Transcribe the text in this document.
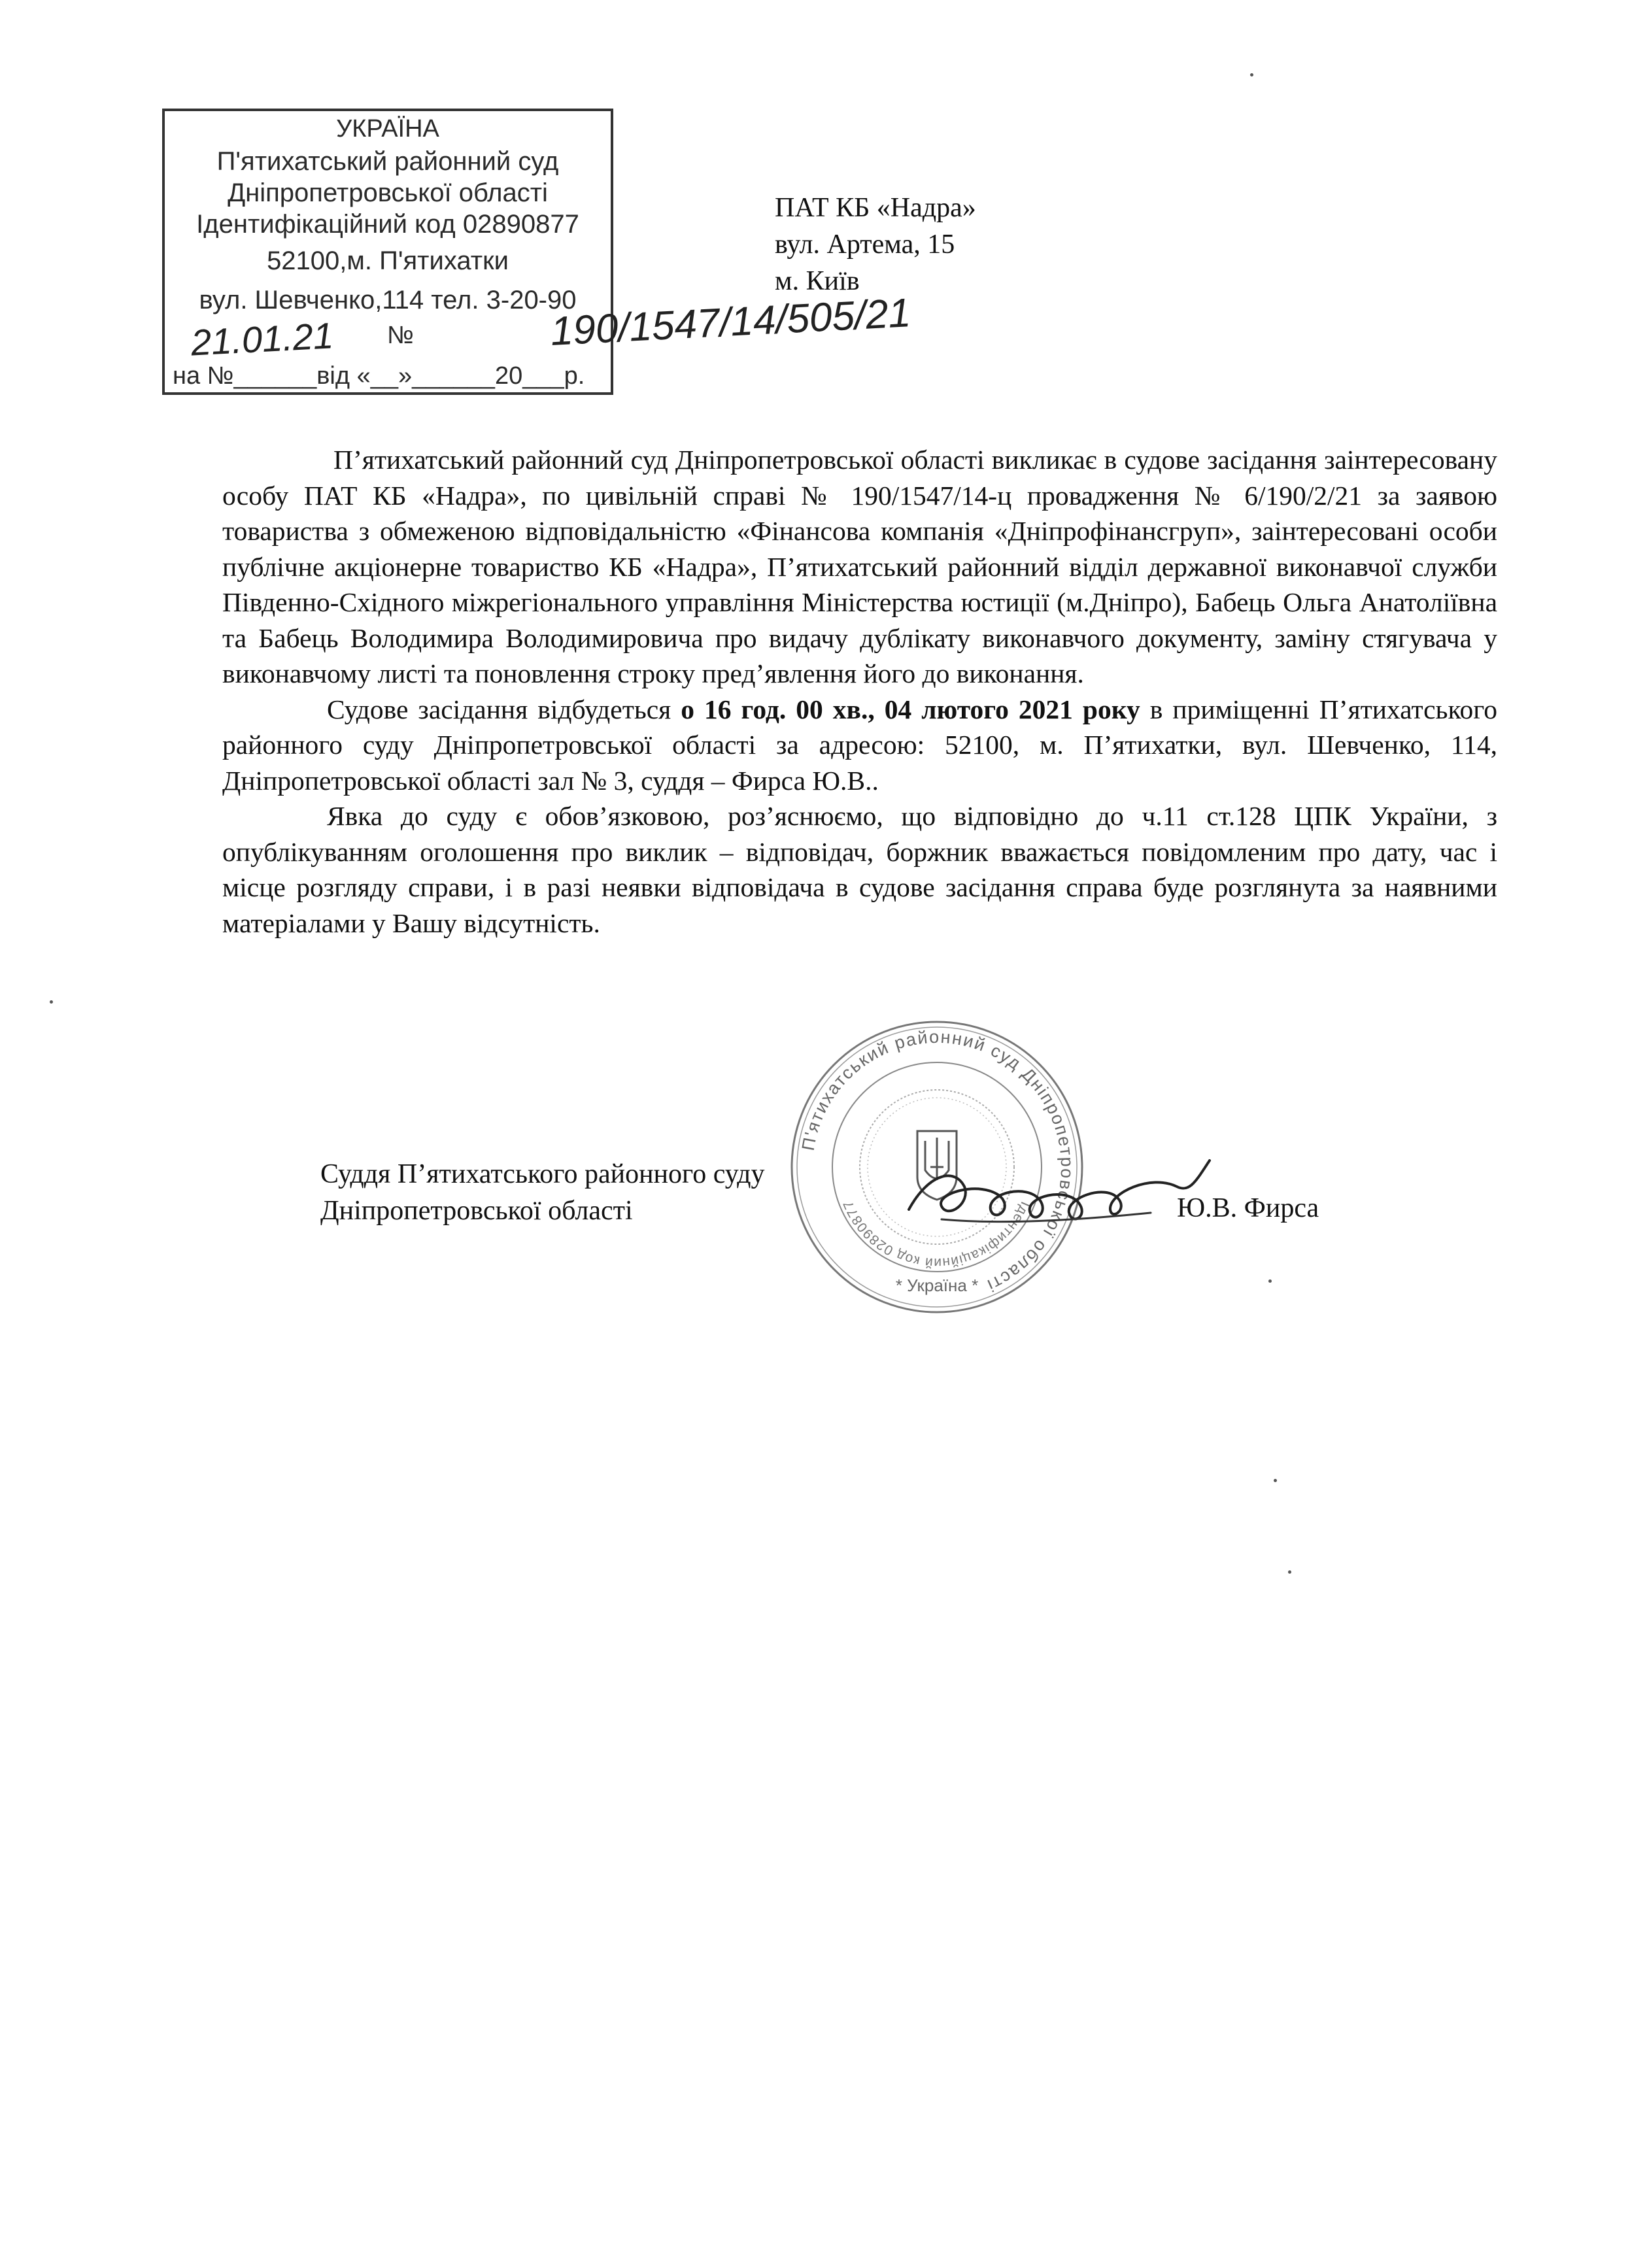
УКРАЇНА
П'ятихатський районний суд
Дніпропетровської області
Ідентифікаційний код 02890877
52100,м. П'ятихатки
вул. Шевченко,114 тел. 3-20-90
21.01.21 №	190/1547/14/505/21
на №______від «__»______20___р.
ПАТ КБ «Надра»
вул. Артема, 15
м. Київ

П’ятихатський районний суд Дніпропетровської області викликає в судове засідання заінтересовану особу ПАТ КБ «Надра», по цивільній справі № 190/1547/14-ц провадження № 6/190/2/21 за заявою товариства з обмеженою відповідальністю «Фінансова компанія «Дніпрофінансгруп», заінтересовані особи публічне акціонерне товариство КБ «Надра», П’ятихатський районний відділ державної виконавчої служби Південно-Східного міжрегіонального управління Міністерства юстиції (м.Дніпро), Бабець Ольга Анатоліївна та Бабець Володимира Володимировича про видачу дублікату виконавчого документу, заміну стягувача у виконавчому листі та поновлення строку пред’явлення його до виконання.

Судове засідання відбудеться о 16 год. 00 хв., 04 лютого 2021 року в приміщенні П’ятихатського районного суду Дніпропетровської області за адресою: 52100, м. П’ятихатки, вул. Шевченко, 114, Дніпропетровської області зал № 3, суддя – Фирса Ю.В..

Явка до суду є обов’язковою, роз’яснюємо, що відповідно до ч.11 ст.128 ЦПК України, з опублікуванням оголошення про виклик – відповідач, боржник вважається повідомленим про дату, час і місце розгляду справи, і в разі неявки відповідача в судове засідання справа буде розглянута за наявними матеріалами у Вашу відсутність.

П'ятихатський районний суд Дніпропетровської області
Ідентифікаційний код 02890877
* Україна *
Суддя П’ятихатського районного суду
Дніпропетровської області	Ю.В. Фирса
